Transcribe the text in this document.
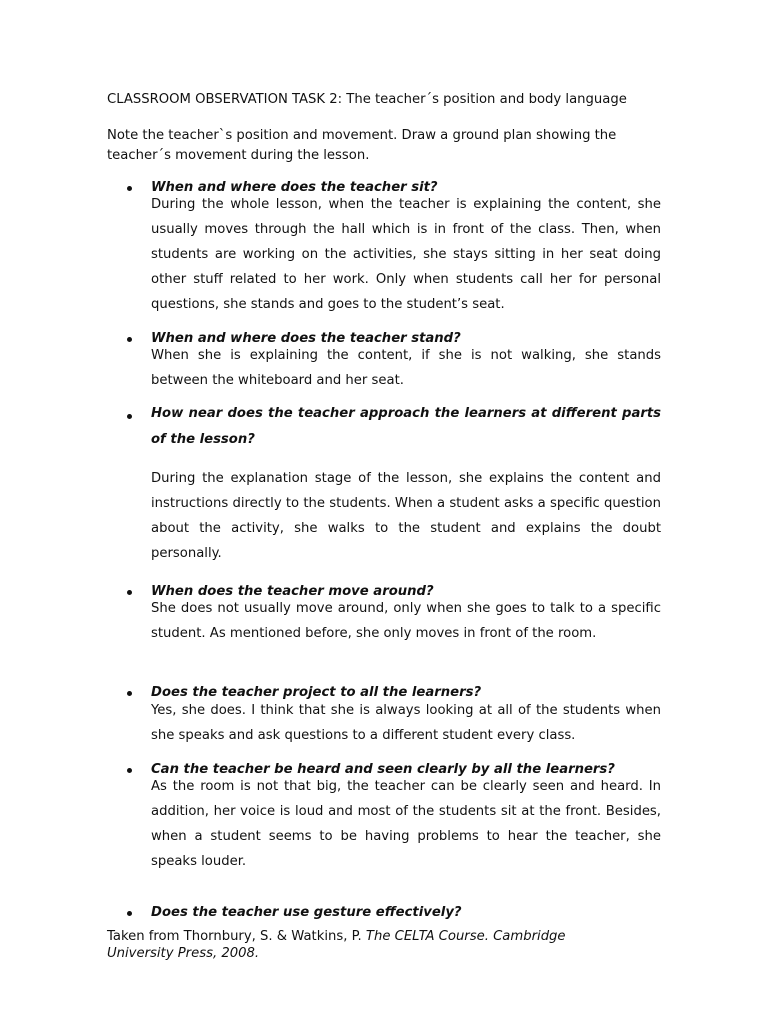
CLASSROOM OBSERVATION TASK 2: The teacher´s position and body language

Note the teacher`s position and movement. Draw a ground plan showing the teacher´s movement during the lesson.

When and where does the teacher sit?

During the whole lesson, when the teacher is explaining the content, she usually moves through the hall which is in front of the class. Then, when students are working on the activities, she stays sitting in her seat doing other stuff related to her work. Only when students call her for personal questions, she stands and goes to the student’s seat.

When and where does the teacher stand?

When she is explaining the content, if she is not walking, she stands between the whiteboard and her seat.

How near does the teacher approach the learners at different parts of the lesson?

During the explanation stage of the lesson, she explains the content and instructions directly to the students. When a student asks a specific question about the activity, she walks to the student and explains the doubt personally.

When does the teacher move around?

She does not usually move around, only when she goes to talk to a specific student. As mentioned before, she only moves in front of the room.

Does the teacher project to all the learners?

Yes, she does. I think that she is always looking at all of the students when she speaks and ask questions to a different student every class.

Can the teacher be heard and seen clearly by all the learners?

As the room is not that big, the teacher can be clearly seen and heard. In addition, her voice is loud and most of the students sit at the front. Besides, when a student seems to be having problems to hear the teacher, she speaks louder.

Does the teacher use gesture effectively?

Taken from Thornbury, S. & Watkins, P. The CELTA Course. Cambridge
University Press, 2008.
